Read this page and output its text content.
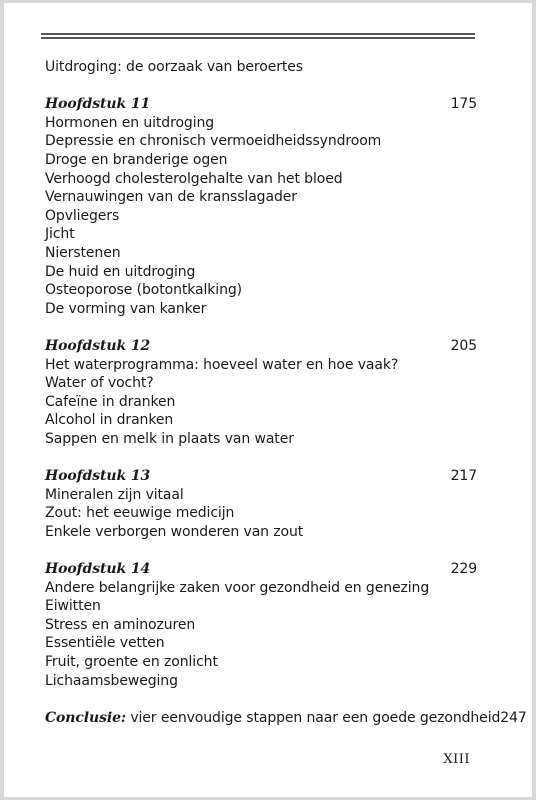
Uitdroging: de oorzaak van beroertes
Hoofdstuk 11	175
Hormonen en uitdroging
Depressie en chronisch vermoeidheidssyndroom
Droge en branderige ogen
Verhoogd cholesterolgehalte van het bloed
Vernauwingen van de kransslagader
Opvliegers
Jicht
Nierstenen
De huid en uitdroging
Osteoporose (botontkalking)
De vorming van kanker
Hoofdstuk 12	205
Het waterprogramma: hoeveel water en hoe vaak?
Water of vocht?
Cafeïne in dranken
Alcohol in dranken
Sappen en melk in plaats van water
Hoofdstuk 13	217
Mineralen zijn vitaal
Zout: het eeuwige medicijn
Enkele verborgen wonderen van zout
Hoofdstuk 14	229
Andere belangrijke zaken voor gezondheid en genezing
Eiwitten
Stress en aminozuren
Essentiële vetten
Fruit, groente en zonlicht
Lichaamsbeweging
Conclusie: vier eenvoudige stappen naar een goede gezondheid 247
XIII
